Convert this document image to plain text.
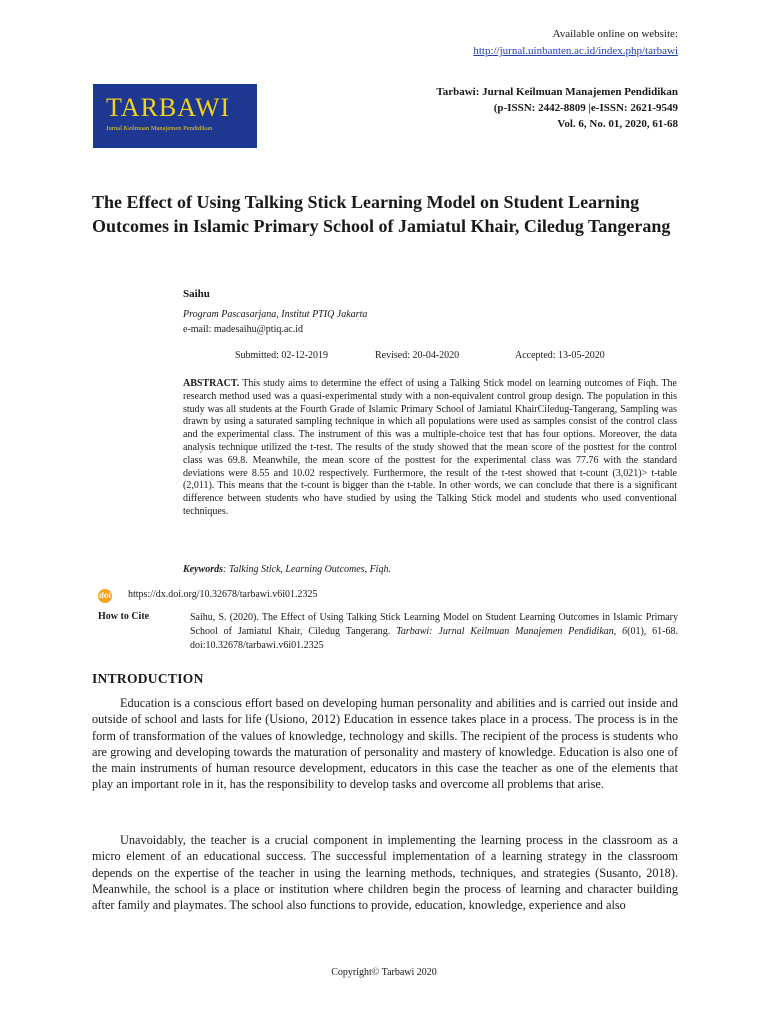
Available online on website:
http://jurnal.uinbanten.ac.id/index.php/tarbawi
TARBAWI
Jurnal Keilmuan Manajemen Pendidikan
Tarbawi: Jurnal Keilmuan Manajemen Pendidikan
(p-ISSN: 2442-8809 |e-ISSN: 2621-9549
Vol. 6, No. 01, 2020, 61-68
The Effect of Using Talking Stick Learning Model on Student Learning Outcomes in Islamic Primary School of Jamiatul Khair, Ciledug Tangerang
Saihu
Program Pascasarjana, Institut PTIQ Jakarta
e-mail: madesaihu@ptiq.ac.id
Submitted: 02-12-2019	Revised: 20-04-2020	Accepted: 13-05-2020
ABSTRACT. This study aims to determine the effect of using a Talking Stick model on learning outcomes of Fiqh. The research method used was a quasi-experimental study with a non-equivalent control group design. The population in this study was all students at the Fourth Grade of Islamic Primary School of Jamiatul KhairCiledug-Tangerang, Sampling was drawn by using a saturated sampling technique in which all populations were used as samples consist of the control class and the experimental class. The instrument of this was a multiple-choice test that has four options. Moreover, the data analysis technique utilized the t-test. The results of the study showed that the mean score of the posttest for the control class was 69.8. Meanwhile, the mean score of the posttest for the experimental class was 77.76 with the standard deviations were 8.55 and 10.02 respectively. Furthermore, the result of the t-test showed that t-count (3,021)> t-table (2,011). This means that the t-count is bigger than the t-table. In other words, we can conclude that there is a significant difference between students who have studied by using the Talking Stick model and students who used conventional techniques.
Keywords: Talking Stick, Learning Outcomes, Fiqh.
doi https://dx.doi.org/10.32678/tarbawi.v6i01.2325
How to Cite	Saihu, S. (2020). The Effect of Using Talking Stick Learning Model on Student Learning Outcomes in Islamic Primary School of Jamiatul Khair, Ciledug Tangerang. Tarbawi: Jurnal Keilmuan Manajemen Pendidikan, 6(01), 61-68. doi:10.32678/tarbawi.v6i01.2325
INTRODUCTION

Education is a conscious effort based on developing human personality and abilities and is carried out inside and outside of school and lasts for life (Usiono, 2012) Education in essence takes place in a process. The process is in the form of transformation of the values of knowledge, technology and skills. The recipient of the process is students who are growing and developing towards the maturation of personality and mastery of knowledge. Education is also one of the main instruments of human resource development, educators in this case the teacher as one of the elements that play an important role in it, has the responsibility to develop tasks and overcome all problems that arise.

Unavoidably, the teacher is a crucial component in implementing the learning process in the classroom as a micro element of an educational success. The successful implementation of a learning strategy in the classroom depends on the expertise of the teacher in using the learning methods, techniques, and strategies (Susanto, 2018). Meanwhile, the school is a place or institution where children begin the process of learning and character building after family and playmates. The school also functions to provide, education, knowledge, experience and also

Copyright© Tarbawi 2020
